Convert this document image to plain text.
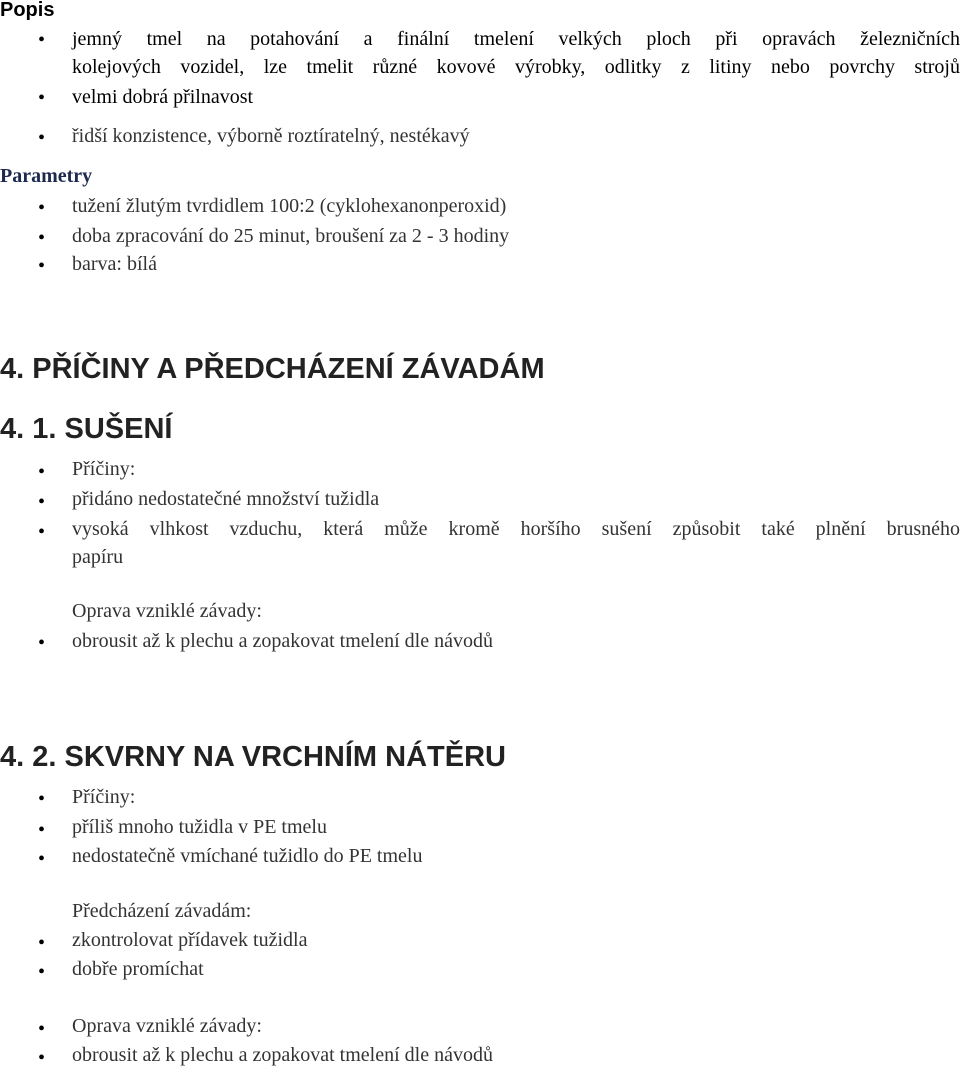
Popis
•
jemný tmel na potahování a finální tmelení velkých ploch při opravách železničních
kolejových vozidel, lze tmelit různé kovové výrobky, odlitky z litiny nebo povrchy strojů
•
velmi dobrá přilnavost
•
řidší konzistence, výborně roztíratelný, nestékavý
Parametry
•
tužení žlutým tvrdidlem 100:2 (cyklohexanonperoxid)
•
doba zpracování do 25 minut, broušení za 2 - 3 hodiny
•
barva: bílá
4. PŘÍČINY A PŘEDCHÁZENÍ ZÁVADÁM
4. 1. SUŠENÍ
•
Příčiny:
•
přidáno nedostatečné množství tužidla
•
vysoká vlhkost vzduchu, která může kromě horšího sušení způsobit také plnění brusného
papíru
Oprava vzniklé závady:
•
obrousit až k plechu a zopakovat tmelení dle návodů
4. 2. SKVRNY NA VRCHNÍM NÁTĚRU
•
Příčiny:
•
příliš mnoho tužidla v PE tmelu
•
nedostatečně vmíchané tužidlo do PE tmelu
Předcházení závadám:
•
zkontrolovat přídavek tužidla
•
dobře promíchat
•
Oprava vzniklé závady:
•
obrousit až k plechu a zopakovat tmelení dle návodů
